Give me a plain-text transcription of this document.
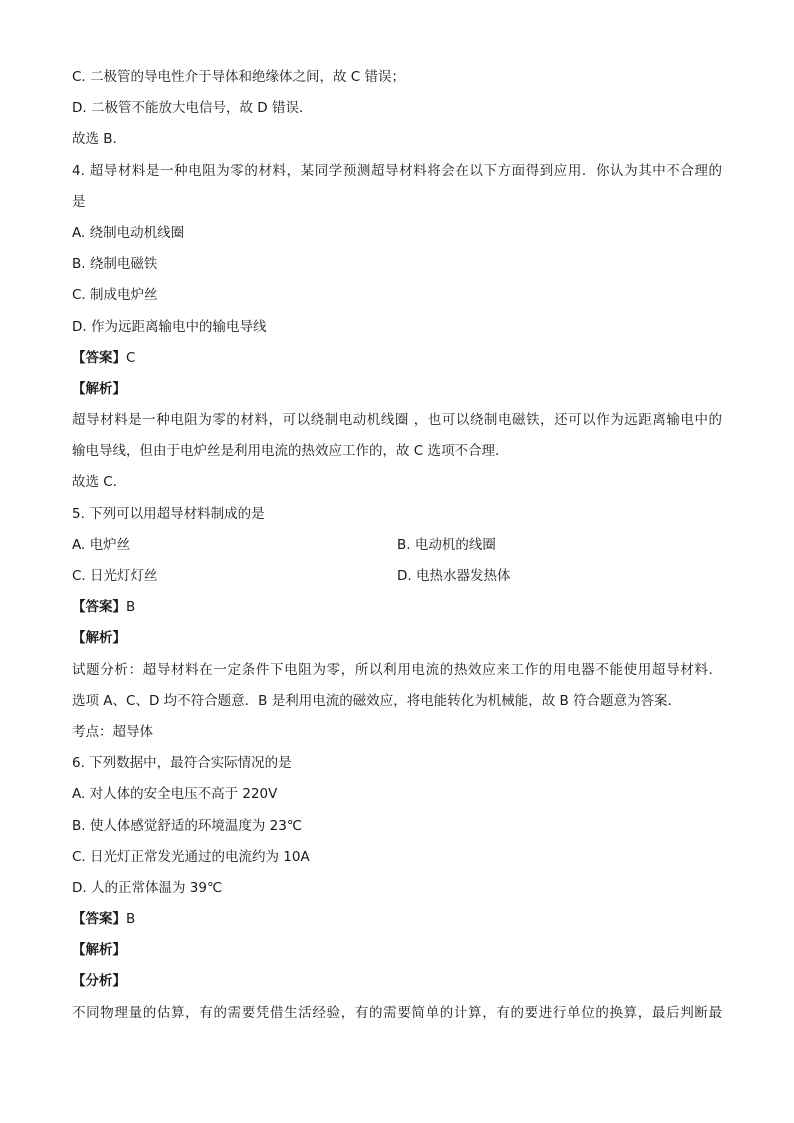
C. 二极管的导电性介于导体和绝缘体之间，故 C 错误；
D. 二极管不能放大电信号，故 D 错误．
故选 B.
4. 超导材料是一种电阻为零的材料，某同学预测超导材料将会在以下方面得到应用．你认为其中不合理的
是
A. 绕制电动机线圈
B. 绕制电磁铁
C. 制成电炉丝
D. 作为远距离输电中的输电导线
【答案】C
【解析】
超导材料是一种电阻为零的材料，可以绕制电动机线圈 ，也可以绕制电磁铁，还可以作为远距离输电中的
输电导线，但由于电炉丝是利用电流的热效应工作的，故 C 选项不合理．
故选 C．
5. 下列可以用超导材料制成的是
A. 电炉丝	B. 电动机的线圈
C. 日光灯灯丝	D. 电热水器发热体
【答案】B
【解析】
试题分析：超导材料在一定条件下电阻为零，所以利用电流的热效应来工作的用电器不能使用超导材料．
选项 A、C、D 均不符合题意．B 是利用电流的磁效应，将电能转化为机械能，故 B 符合题意为答案．
考点：超导体
6. 下列数据中，最符合实际情况的是
A. 对人体的安全电压不高于 220V
B. 使人体感觉舒适的环境温度为 23℃
C. 日光灯正常发光通过的电流约为 10A
D. 人的正常体温为 39℃
【答案】B
【解析】
【分析】
不同物理量的估算，有的需要凭借生活经验，有的需要简单的计算，有的要进行单位的换算，最后判断最
